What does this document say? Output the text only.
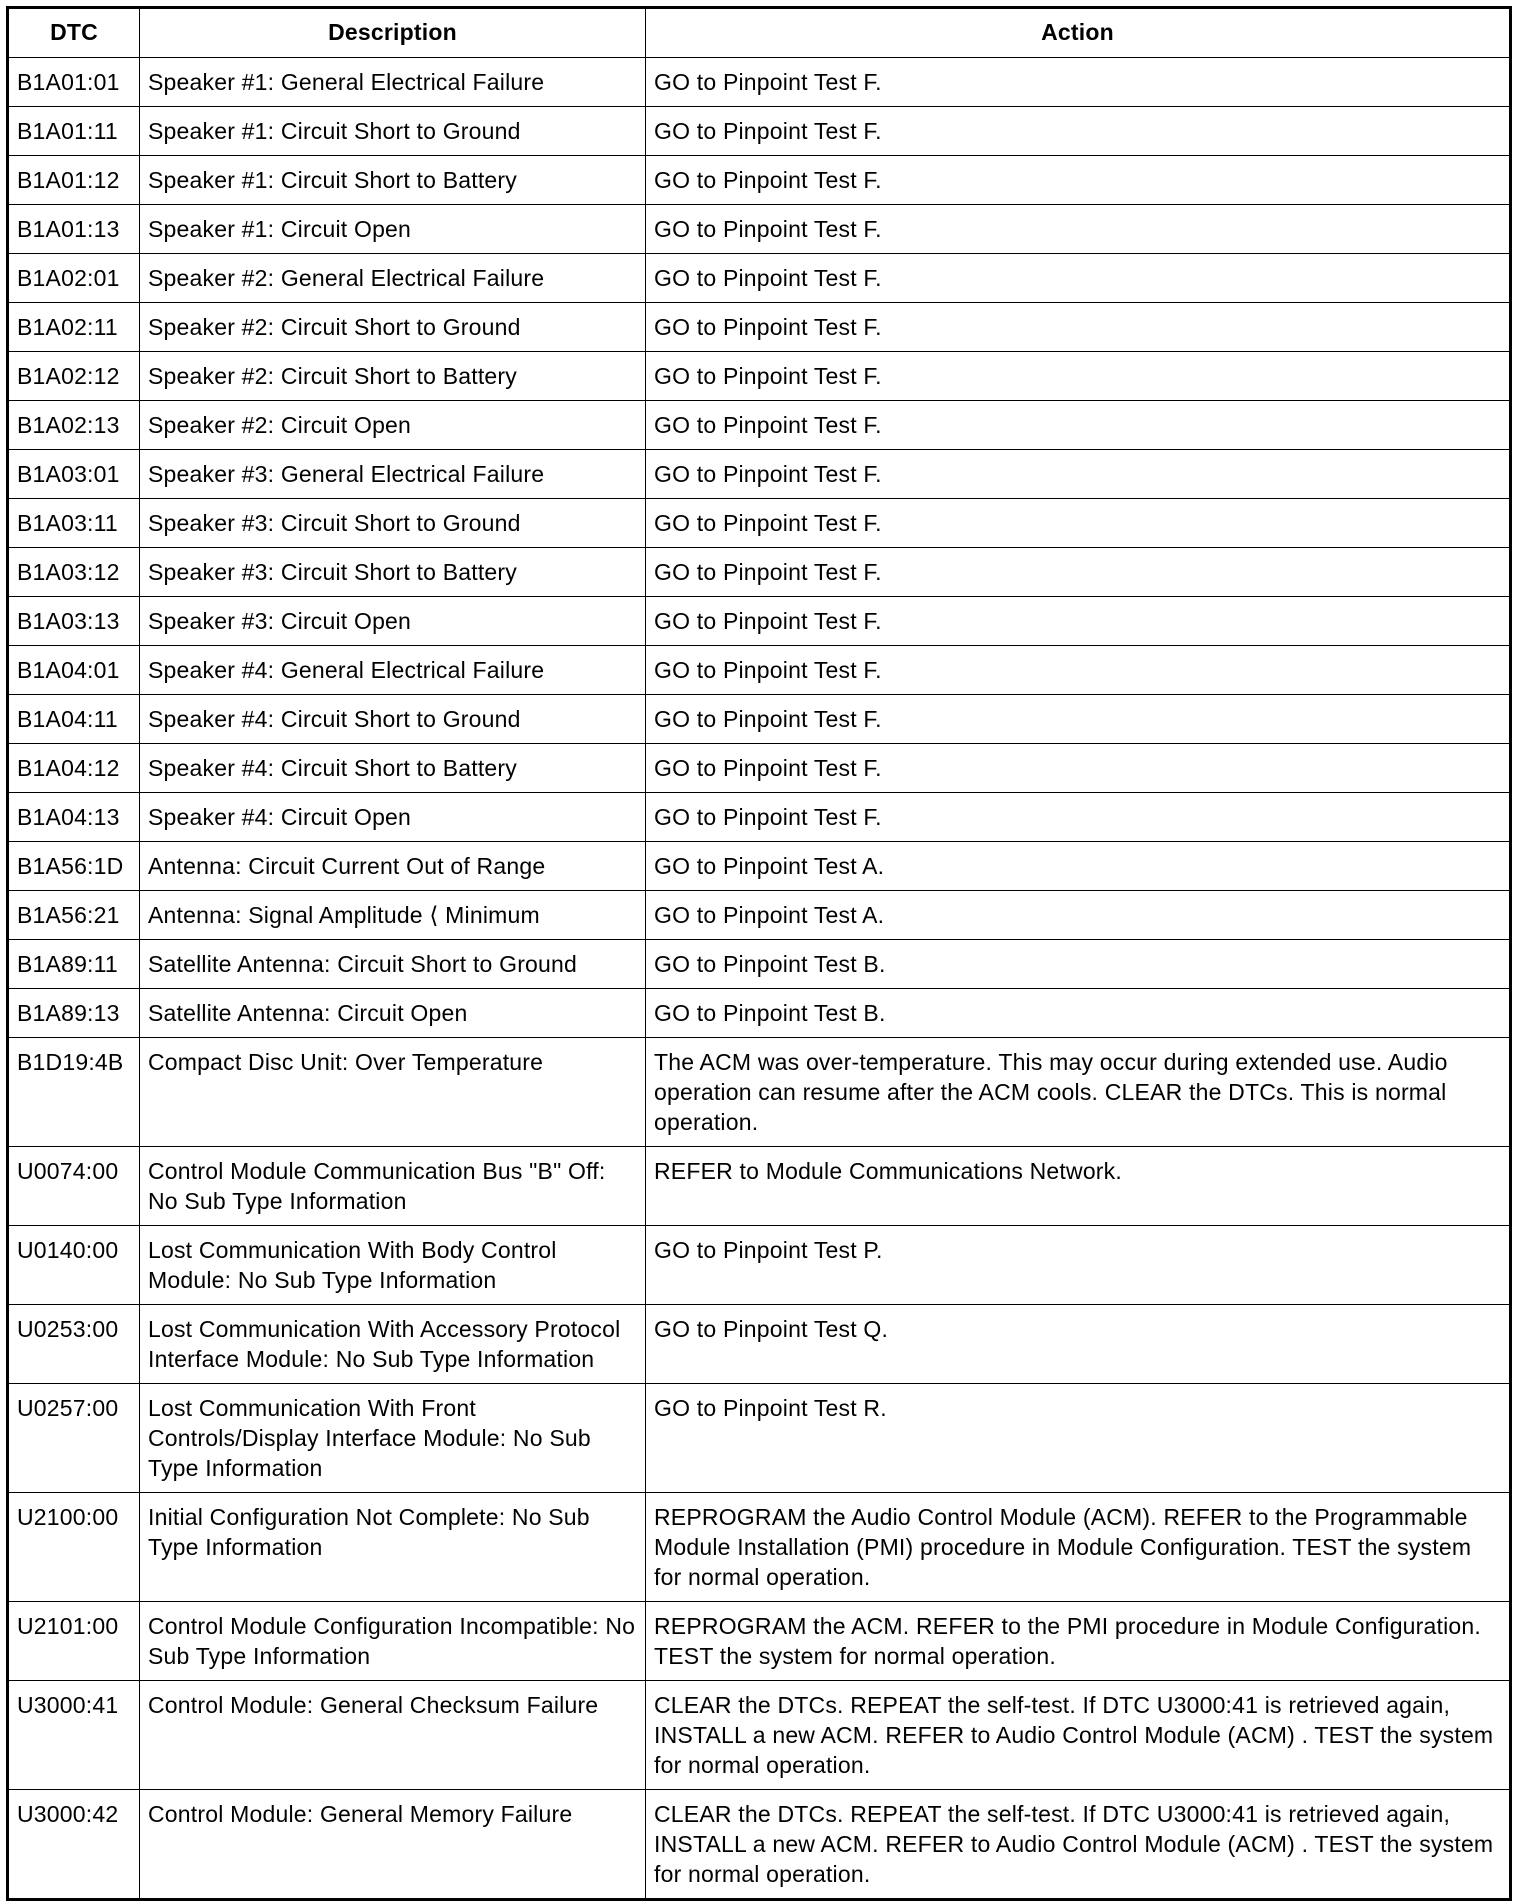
DTC	Description	Action
B1A01:01	Speaker #1: General Electrical Failure	GO to Pinpoint Test F.
B1A01:11	Speaker #1: Circuit Short to Ground	GO to Pinpoint Test F.
B1A01:12	Speaker #1: Circuit Short to Battery	GO to Pinpoint Test F.
B1A01:13	Speaker #1: Circuit Open	GO to Pinpoint Test F.
B1A02:01	Speaker #2: General Electrical Failure	GO to Pinpoint Test F.
B1A02:11	Speaker #2: Circuit Short to Ground	GO to Pinpoint Test F.
B1A02:12	Speaker #2: Circuit Short to Battery	GO to Pinpoint Test F.
B1A02:13	Speaker #2: Circuit Open	GO to Pinpoint Test F.
B1A03:01	Speaker #3: General Electrical Failure	GO to Pinpoint Test F.
B1A03:11	Speaker #3: Circuit Short to Ground	GO to Pinpoint Test F.
B1A03:12	Speaker #3: Circuit Short to Battery	GO to Pinpoint Test F.
B1A03:13	Speaker #3: Circuit Open	GO to Pinpoint Test F.
B1A04:01	Speaker #4: General Electrical Failure	GO to Pinpoint Test F.
B1A04:11	Speaker #4: Circuit Short to Ground	GO to Pinpoint Test F.
B1A04:12	Speaker #4: Circuit Short to Battery	GO to Pinpoint Test F.
B1A04:13	Speaker #4: Circuit Open	GO to Pinpoint Test F.
B1A56:1D	Antenna: Circuit Current Out of Range	GO to Pinpoint Test A.
B1A56:21	Antenna: Signal Amplitude ⟨ Minimum	GO to Pinpoint Test A.
B1A89:11	Satellite Antenna: Circuit Short to Ground	GO to Pinpoint Test B.
B1A89:13	Satellite Antenna: Circuit Open	GO to Pinpoint Test B.
B1D19:4B	Compact Disc Unit: Over Temperature	The ACM was over-temperature. This may occur during extended use. Audio operation can resume after the ACM cools. CLEAR the DTCs. This is normal operation.
U0074:00	Control Module Communication Bus "B" Off: No Sub Type Information	REFER to Module Communications Network.
U0140:00	Lost Communication With Body Control Module: No Sub Type Information	GO to Pinpoint Test P.
U0253:00	Lost Communication With Accessory Protocol Interface Module: No Sub Type Information	GO to Pinpoint Test Q.
U0257:00	Lost Communication With Front Controls/Display Interface Module: No Sub Type Information	GO to Pinpoint Test R.
U2100:00	Initial Configuration Not Complete: No Sub Type Information	REPROGRAM the Audio Control Module (ACM). REFER to the Programmable Module Installation (PMI) procedure in Module Configuration. TEST the system for normal operation.
U2101:00	Control Module Configuration Incompatible: No Sub Type Information	REPROGRAM the ACM. REFER to the PMI procedure in Module Configuration. TEST the system for normal operation.
U3000:41	Control Module: General Checksum Failure	CLEAR the DTCs. REPEAT the self-test. If DTC U3000:41 is retrieved again, INSTALL a new ACM. REFER to Audio Control Module (ACM) . TEST the system for normal operation.
U3000:42	Control Module: General Memory Failure	CLEAR the DTCs. REPEAT the self-test. If DTC U3000:41 is retrieved again, INSTALL a new ACM. REFER to Audio Control Module (ACM) . TEST the system for normal operation.
